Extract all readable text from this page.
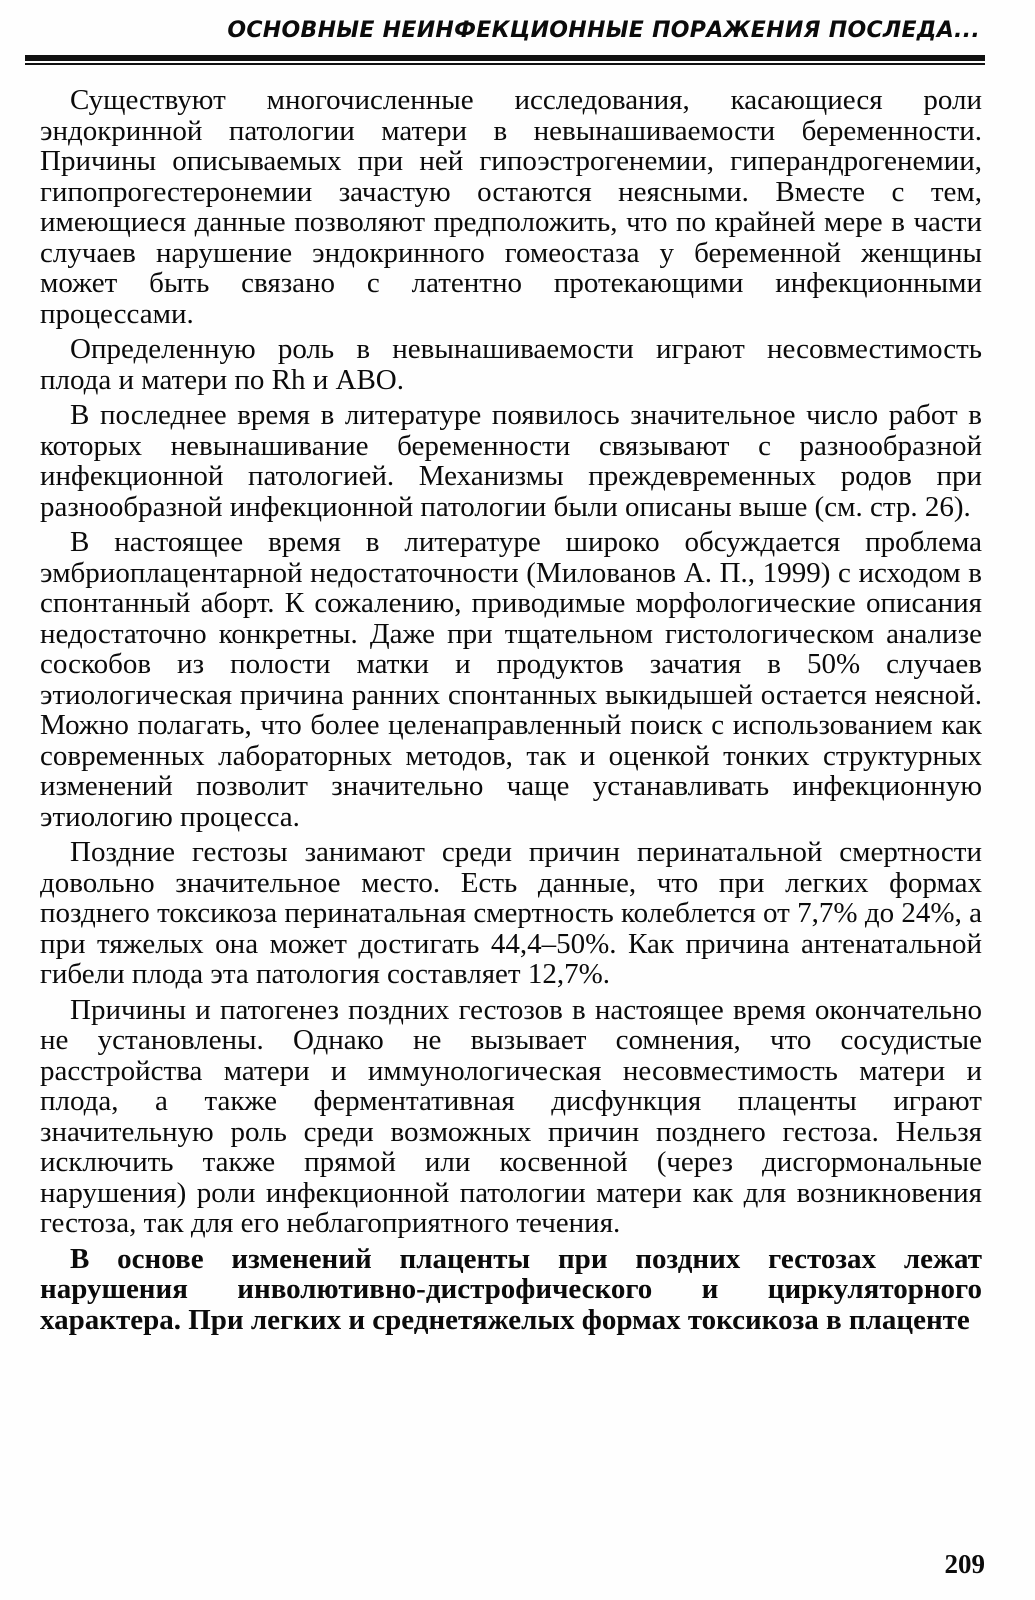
ОСНОВНЫЕ НЕИНФЕКЦИОННЫЕ ПОРАЖЕНИЯ ПОСЛЕДА...

Существуют многочисленные исследования, касающиеся роли эндокринной патологии матери в невынашиваемости беременности. Причины описываемых при ней гипоэстрогенемии, гиперандрогенемии, гипопрогестеронемии зачастую остаются неясными. Вместе с тем, имеющиеся данные позволяют предположить, что по крайней мере в части случаев нарушение эндокринного гомеостаза у беременной женщины может быть связано с латентно протекающими инфекционными процессами.

Определенную роль в невынашиваемости играют несовместимость плода и матери по Rh и ABO.

В последнее время в литературе появилось значительное число работ в которых невынашивание беременности связывают с разнообразной инфекционной патологией. Механизмы преждевременных родов при разнообразной инфекционной патологии были описаны выше (см. стр. 26).

В настоящее время в литературе широко обсуждается проблема эмбриоплацентарной недостаточности (Милованов А. П., 1999) с исходом в спонтанный аборт. К сожалению, приводимые морфологические описания недостаточно конкретны. Даже при тщательном гистологическом анализе соскобов из полости матки и продуктов зачатия в 50% случаев этиологическая причина ранних спонтанных выкидышей остается неясной. Можно полагать, что более целенаправленный поиск с использованием как современных лабораторных методов, так и оценкой тонких структурных изменений позволит значительно чаще устанавливать инфекционную этиологию процесса.

Поздние гестозы занимают среди причин перинатальной смертности довольно значительное место. Есть данные, что при легких формах позднего токсикоза перинатальная смертность колеблется от 7,7% до 24%, а при тяжелых она может достигать 44,4–50%. Как причина антенатальной гибели плода эта патология составляет 12,7%.

Причины и патогенез поздних гестозов в настоящее время окончательно не установлены. Однако не вызывает сомнения, что сосудистые расстройства матери и иммунологическая несовместимость матери и плода, а также ферментативная дисфункция плаценты играют значительную роль среди возможных причин позднего гестоза. Нельзя исключить также прямой или косвенной (через дисгормональные нарушения) роли инфекционной патологии матери как для возникновения гестоза, так для его неблагоприятного течения.

В основе изменений плаценты при поздних гестозах лежат нарушения инволютивно-дистрофического и циркуляторного характера. При легких и среднетяжелых формах токсикоза в плаценте

209
